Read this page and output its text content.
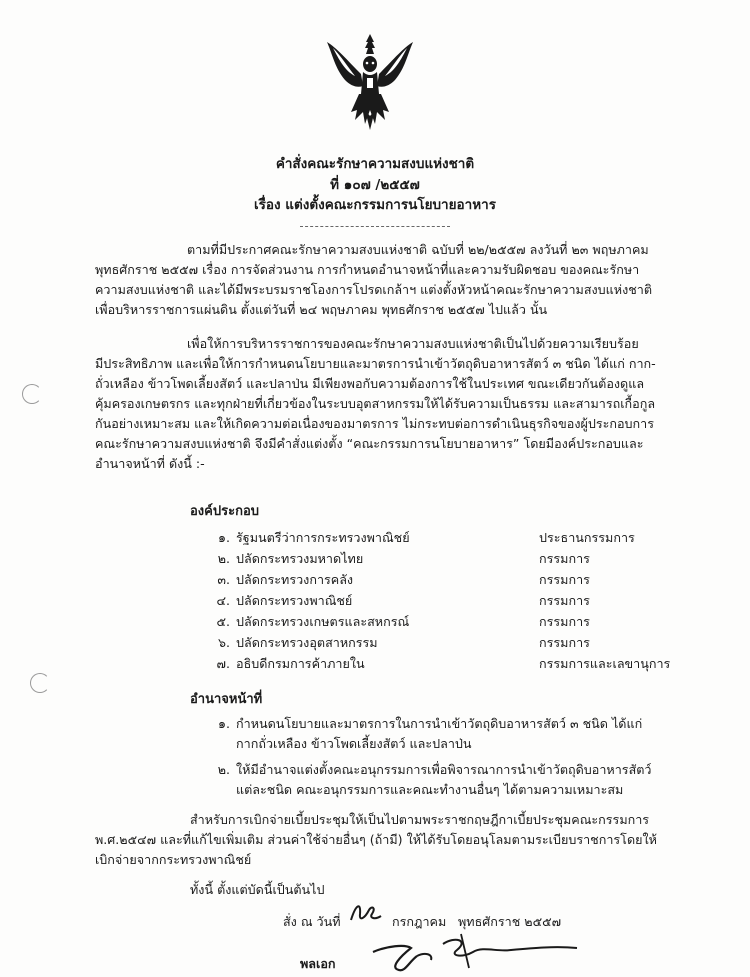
คำสั่งคณะรักษาความสงบแห่งชาติ
ที่ ๑๐๗ /๒๕๕๗
เรื่อง แต่งตั้งคณะกรรมการนโยบายอาหาร
ตามที่มีประกาศคณะรักษาความสงบแห่งชาติ ฉบับที่ ๒๒/๒๕๕๗ ลงวันที่ ๒๓ พฤษภาคม
พุทธศักราช ๒๕๕๗ เรื่อง การจัดส่วนงาน การกำหนดอำนาจหน้าที่และความรับผิดชอบ ของคณะรักษา
ความสงบแห่งชาติ และได้มีพระบรมราชโองการโปรดเกล้าฯ แต่งตั้งหัวหน้าคณะรักษาความสงบแห่งชาติ
เพื่อบริหารราชการแผ่นดิน ตั้งแต่วันที่ ๒๔ พฤษภาคม พุทธศักราช ๒๕๕๗ ไปแล้ว นั้น
เพื่อให้การบริหารราชการของคณะรักษาความสงบแห่งชาติเป็นไปด้วยความเรียบร้อย
มีประสิทธิภาพ และเพื่อให้การกำหนดนโยบายและมาตรการนำเข้าวัตถุดิบอาหารสัตว์ ๓ ชนิด ได้แก่ กาก-
ถั่วเหลือง ข้าวโพดเลี้ยงสัตว์ และปลาป่น มีเพียงพอกับความต้องการใช้ในประเทศ ขณะเดียวกันต้องดูแล
คุ้มครองเกษตรกร และทุกฝ่ายที่เกี่ยวข้องในระบบอุตสาหกรรมให้ได้รับความเป็นธรรม และสามารถเกื้อกูล
กันอย่างเหมาะสม และให้เกิดความต่อเนื่องของมาตรการ ไม่กระทบต่อการดำเนินธุรกิจของผู้ประกอบการ
คณะรักษาความสงบแห่งชาติ จึงมีคำสั่งแต่งตั้ง “คณะกรรมการนโยบายอาหาร” โดยมีองค์ประกอบและ
อำนาจหน้าที่ ดังนี้ :-
องค์ประกอบ
๑. รัฐมนตรีว่าการกระทรวงพาณิชย์	ประธานกรรมการ
๒. ปลัดกระทรวงมหาดไทย	กรรมการ
๓. ปลัดกระทรวงการคลัง	กรรมการ
๔. ปลัดกระทรวงพาณิชย์	กรรมการ
๕. ปลัดกระทรวงเกษตรและสหกรณ์	กรรมการ
๖. ปลัดกระทรวงอุตสาหกรรม	กรรมการ
๗. อธิบดีกรมการค้าภายใน	กรรมการและเลขานุการ
อำนาจหน้าที่
๑. กำหนดนโยบายและมาตรการในการนำเข้าวัตถุดิบอาหารสัตว์ ๓ ชนิด ได้แก่
กากถั่วเหลือง ข้าวโพดเลี้ยงสัตว์ และปลาป่น
๒. ให้มีอำนาจแต่งตั้งคณะอนุกรรมการเพื่อพิจารณาการนำเข้าวัตถุดิบอาหารสัตว์
แต่ละชนิด คณะอนุกรรมการและคณะทำงานอื่นๆ ได้ตามความเหมาะสม
สำหรับการเบิกจ่ายเบี้ยประชุมให้เป็นไปตามพระราชกฤษฎีกาเบี้ยประชุมคณะกรรมการ
พ.ศ.๒๕๔๗ และที่แก้ไขเพิ่มเติม ส่วนค่าใช้จ่ายอื่นๆ (ถ้ามี) ให้ได้รับโดยอนุโลมตามระเบียบราชการโดยให้
เบิกจ่ายจากกระทรวงพาณิชย์
ทั้งนี้ ตั้งแต่บัดนี้เป็นต้นไป
สั่ง ณ วันที่	กรกฎาคม พุทธศักราช ๒๕๕๗
พลเอก
